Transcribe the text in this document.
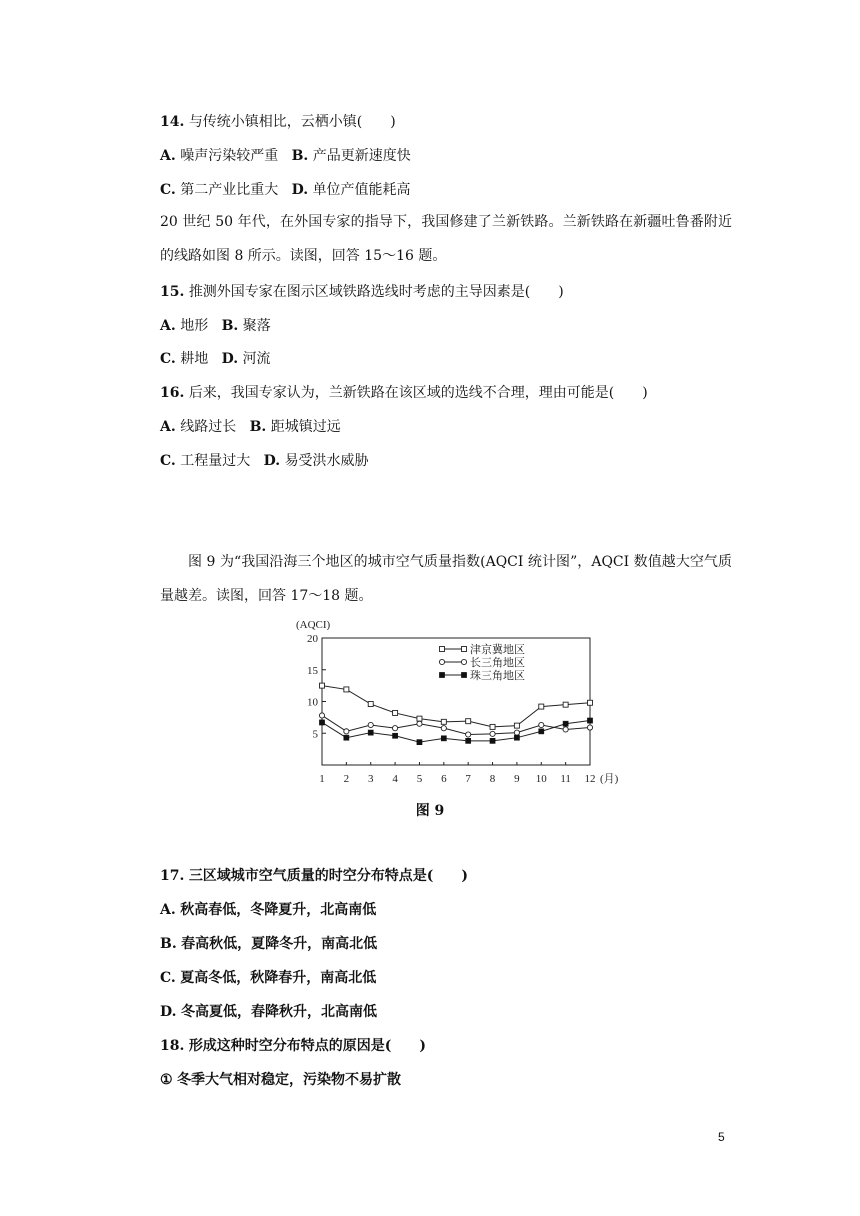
14. 与传统小镇相比，云栖小镇(　　)
A. 噪声污染较严重 B. 产品更新速度快
C. 第二产业比重大 D. 单位产值能耗高
20 世纪 50 年代，在外国专家的指导下，我国修建了兰新铁路。兰新铁路在新疆吐鲁番附近的线路如图 8 所示。读图，回答 15～16 题。
15. 推测外国专家在图示区域铁路选线时考虑的主导因素是(　　)
A. 地形 B. 聚落
C. 耕地 D. 河流
16. 后来，我国专家认为，兰新铁路在该区域的选线不合理，理由可能是(　　)
A. 线路过长 B. 距城镇过远
C. 工程量过大 D. 易受洪水威胁
图 9 为“我国沿海三个地区的城市空气质量指数(AQCI 统计图”，AQCI 数值越大空气质量越差。读图，回答 17～18 题。
5
10
15
20
(AQCI)
1 2 3 4 5 6 7 8 9 10 11 12 (月)
津京冀地区
长三角地区
珠三角地区
图 9
17. 三区域城市空气质量的时空分布特点是(　　)
A. 秋高春低，冬降夏升，北高南低
B. 春高秋低，夏降冬升，南高北低
C. 夏高冬低，秋降春升，南高北低
D. 冬高夏低，春降秋升，北高南低
18. 形成这种时空分布特点的原因是(　　)
① 冬季大气相对稳定，污染物不易扩散
5
